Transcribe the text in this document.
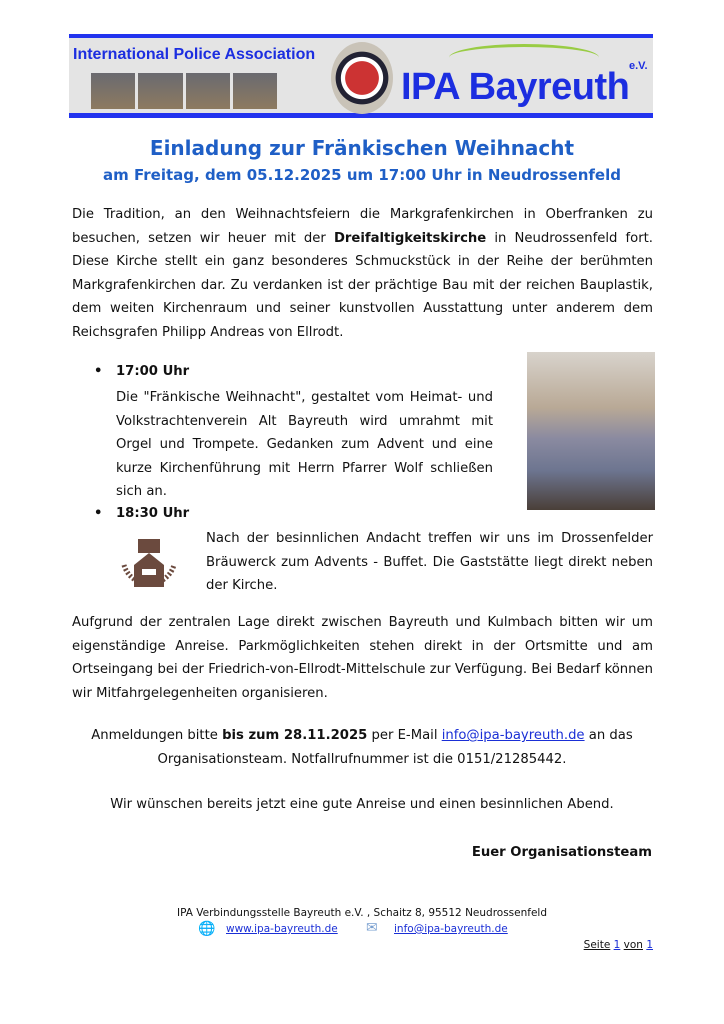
International Police Association
IPA Bayreuth e.V.
Einladung zur Fränkischen Weihnacht
am Freitag, dem 05.12.2025 um 17:00 Uhr in Neudrossenfeld
Die Tradition, an den Weihnachtsfeiern die Markgrafenkirchen in Oberfranken zu besuchen, setzen wir heuer mit der Dreifaltigkeitskirche in Neudrossenfeld fort. Diese Kirche stellt ein ganz besonderes Schmuckstück in der Reihe der berühmten Markgrafenkirchen dar. Zu verdanken ist der prächtige Bau mit der reichen Bauplastik, dem weiten Kirchenraum und seiner kunstvollen Ausstattung unter anderem dem Reichsgrafen Philipp Andreas von Ellrodt.
• 17:00 Uhr
Die "Fränkische Weihnacht", gestaltet vom Heimat- und Volkstrachtenverein Alt Bayreuth wird umrahmt mit Orgel und Trompete. Gedanken zum Advent und eine kurze Kirchenführung mit Herrn Pfarrer Wolf schließen sich an.
• 18:30 Uhr
Nach der besinnlichen Andacht treffen wir uns im Drossenfelder Bräuwerck zum Advents - Buffet. Die Gaststätte liegt direkt neben der Kirche.
Aufgrund der zentralen Lage direkt zwischen Bayreuth und Kulmbach bitten wir um eigenständige Anreise. Parkmöglichkeiten stehen direkt in der Ortsmitte und am Ortseingang bei der Friedrich-von-Ellrodt-Mittelschule zur Verfügung. Bei Bedarf können wir Mitfahrgelegenheiten organisieren.
Anmeldungen bitte bis zum 28.11.2025 per E-Mail info@ipa-bayreuth.de an das
Organisationsteam. Notfallrufnummer ist die 0151/21285442.
Wir wünschen bereits jetzt eine gute Anreise und einen besinnlichen Abend.
Euer Organisationsteam
IPA Verbindungsstelle Bayreuth e.V. , Schaitz 8, 95512 Neudrossenfeld
🌐 www.ipa-bayreuth.de ✉ info@ipa-bayreuth.de
Seite 1 von 1
